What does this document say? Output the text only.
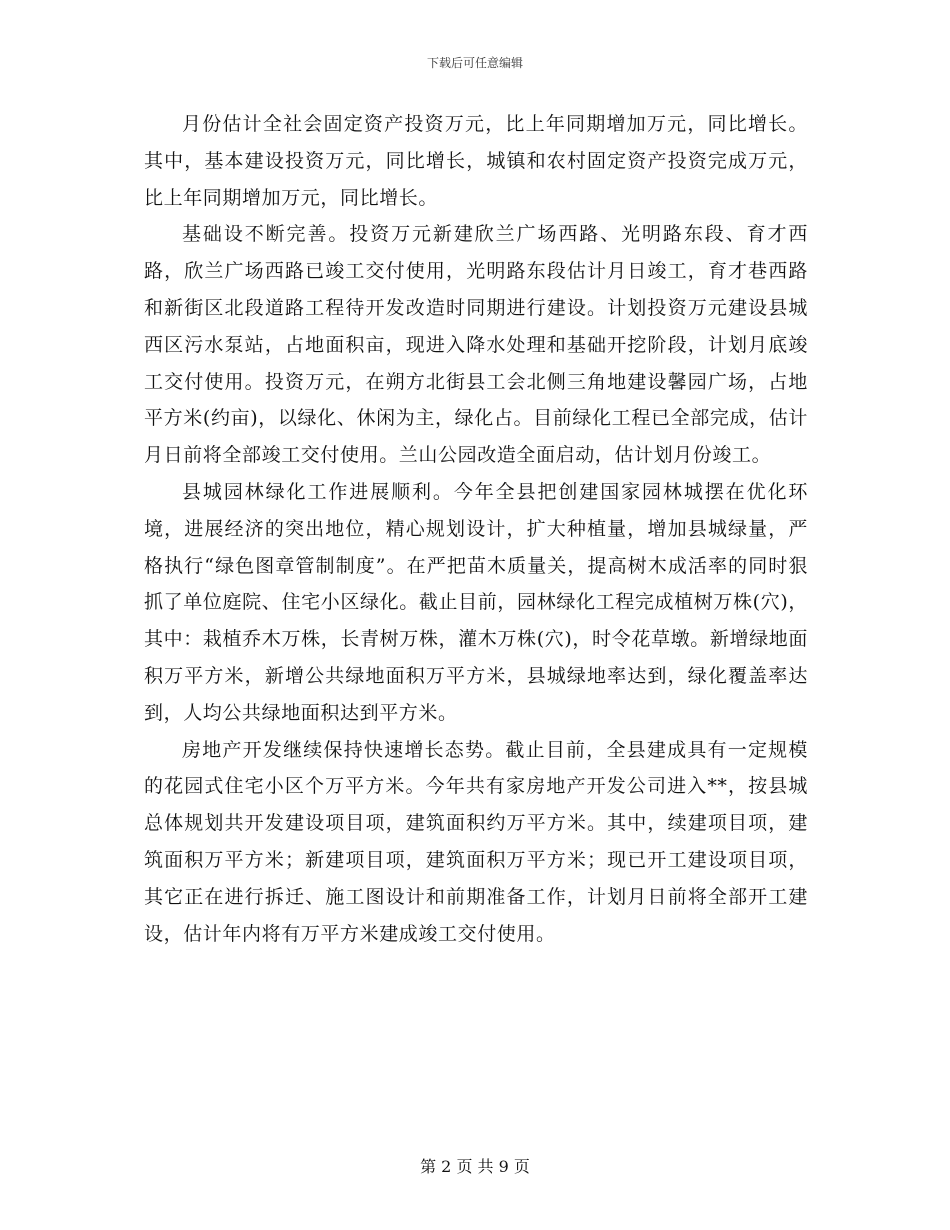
下载后可任意编辑

月份估计全社会固定资产投资万元，比上年同期增加万元，同比增长。其中，基本建设投资万元，同比增长，城镇和农村固定资产投资完成万元，比上年同期增加万元，同比增长。

基础设不断完善。投资万元新建欣兰广场西路、光明路东段、育才西路，欣兰广场西路已竣工交付使用，光明路东段估计月日竣工，育才巷西路和新街区北段道路工程待开发改造时同期进行建设。计划投资万元建设县城西区污水泵站，占地面积亩，现进入降水处理和基础开挖阶段，计划月底竣工交付使用。投资万元，在朔方北街县工会北侧三角地建设馨园广场，占地平方米(约亩)，以绿化、休闲为主，绿化占。目前绿化工程已全部完成，估计月日前将全部竣工交付使用。兰山公园改造全面启动，估计划月份竣工。

县城园林绿化工作进展顺利。今年全县把创建国家园林城摆在优化环境，进展经济的突出地位，精心规划设计，扩大种植量，增加县城绿量，严格执行“绿色图章管制制度”。在严把苗木质量关，提高树木成活率的同时狠抓了单位庭院、住宅小区绿化。截止目前，园林绿化工程完成植树万株(穴)，其中：栽植乔木万株，长青树万株，灌木万株(穴)，时令花草墩。新增绿地面积万平方米，新增公共绿地面积万平方米，县城绿地率达到，绿化覆盖率达到，人均公共绿地面积达到平方米。

房地产开发继续保持快速增长态势。截止目前，全县建成具有一定规模的花园式住宅小区个万平方米。今年共有家房地产开发公司进入**，按县城总体规划共开发建设项目项，建筑面积约万平方米。其中，续建项目项，建筑面积万平方米；新建项目项，建筑面积万平方米；现已开工建设项目项，其它正在进行拆迁、施工图设计和前期准备工作，计划月日前将全部开工建设，估计年内将有万平方米建成竣工交付使用。

第 2 页 共 9 页
